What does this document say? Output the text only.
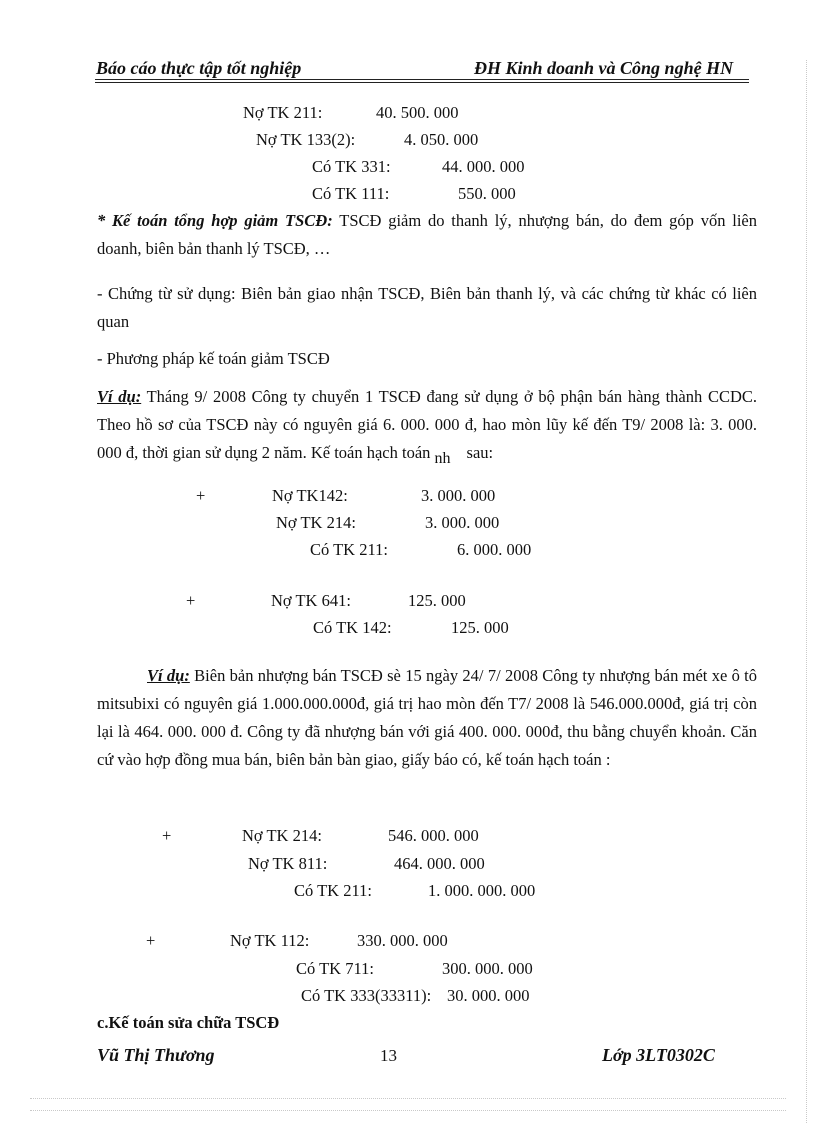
Báo cáo thực tập tốt nghiệp	ĐH Kinh doanh và Công nghệ HN
Nợ TK 211:	40. 500. 000
Nợ TK 133(2):	4. 050. 000
Có TK 331:	44. 000. 000
Có TK 111:	550. 000
* Kế toán tổng hợp giảm TSCĐ: TSCĐ giảm do thanh lý, nhượng bán, do đem góp vốn liên doanh, biên bản thanh lý TSCĐ, …
- Chứng từ sử dụng: Biên bản giao nhận TSCĐ, Biên bản thanh lý, và các chứng từ khác có liên quan
- Phương pháp kế toán giảm TSCĐ
Ví dụ: Tháng 9/ 2008 Công ty chuyển 1 TSCĐ đang sử dụng ở bộ phận bán hàng thành CCDC. Theo hồ sơ của TSCĐ này có nguyên giá 6. 000. 000 đ, hao mòn lũy kế đến T9/ 2008 là: 3. 000. 000 đ, thời gian sử dụng 2 năm. Kế toán hạch toán nh sau:
+	Nợ TK142:	3. 000. 000
Nợ TK 214:	3. 000. 000
Có TK 211:	6. 000. 000
+	Nợ TK 641:	125. 000
Có TK 142:	125. 000
Ví dụ: Biên bản nhượng bán TSCĐ sè 15 ngày 24/ 7/ 2008 Công ty nhượng bán mét xe ô tô mitsubixi có nguyên giá 1.000.000.000đ, giá trị hao mòn đến T7/ 2008 là 546.000.000đ, giá trị còn lại là 464. 000. 000 đ. Công ty đã nhượng bán với giá 400. 000. 000đ, thu bằng chuyển khoản. Căn cứ vào hợp đồng mua bán, biên bản bàn giao, giấy báo có, kế toán hạch toán :
+	Nợ TK 214:	546. 000. 000
Nợ TK 811:	464. 000. 000
Có TK 211:	1. 000. 000. 000
+	Nợ TK 112:	330. 000. 000
Có TK 711:	300. 000. 000
Có TK 333(33311): 30. 000. 000
c.Kế toán sửa chữa TSCĐ
Vũ Thị Thương	13	Lớp 3LT0302C
